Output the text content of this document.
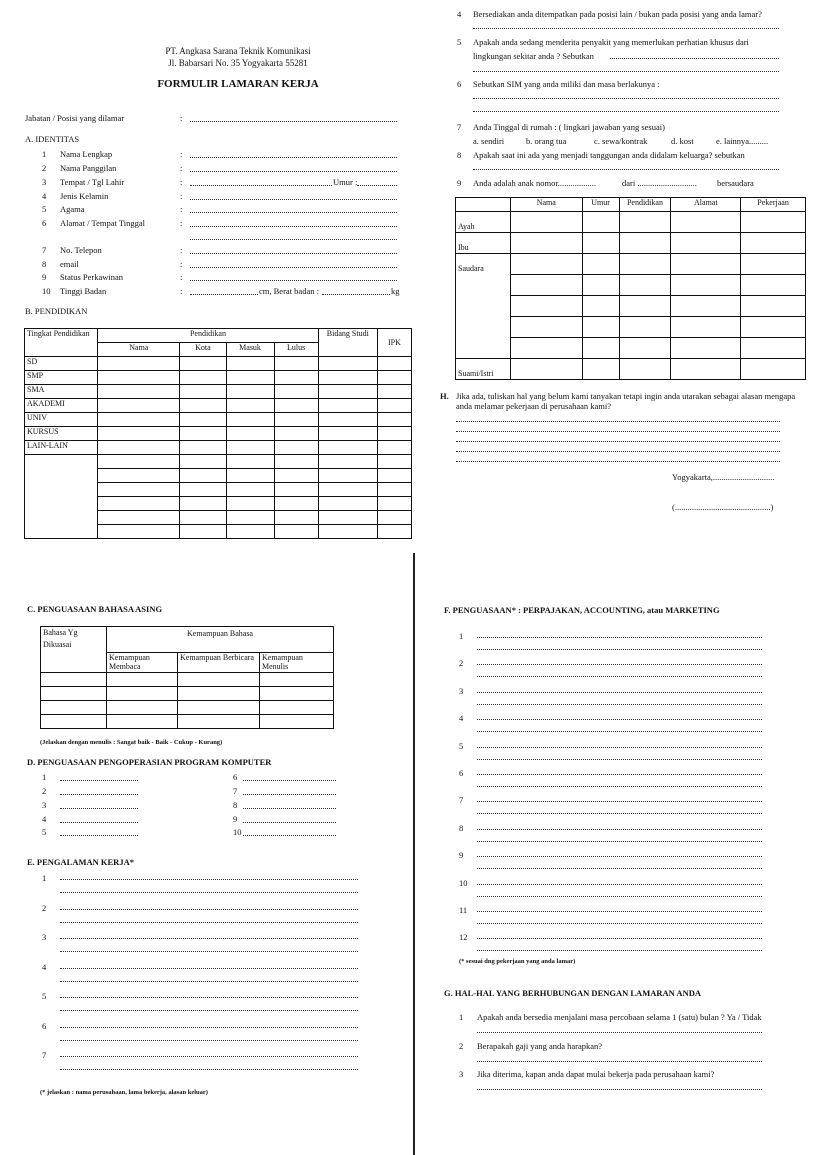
PT. Angkasa Sarana Teknik Komunikasi
Jl. Babarsari No. 35 Yogyakarta 55281
FORMULIR LAMARAN KERJA
Jabatan / Posisi yang dilamar	:
A. IDENTITAS
1 Nama Lengkap	:
2 Nama Panggilan	:
3 Tempat / Tgl Lahir	:	Umur :
4 Jenis Kelamin	:
5 Agama	:
6 Alamat / Tempat Tinggal	:
7 No. Telepon	:
8 email	:
9 Status Perkawinan	:
10 Tinggi Badan	:	cm, Berat badan :	kg
B. PENDIDIKAN
Tingkat Pendidikan	Pendidikan				Bidang Studi	IPK
	Nama	Kota	Masuk	Lulus		
SD						
SMP						
SMA						
AKADEMI						
UNIV						
KURSUS						
LAIN-LAIN						

4 Bersediakan anda ditempatkan pada posisi lain / bukan pada posisi yang anda lamar?
5 Apakah anda sedang menderita penyakit yang memerlukan perhatian khusus dari
lingkungan sekitar anda ? Sebutkan
6 Sebutkan SIM yang anda miliki dan masa berlakunya :
7 Anda Tinggal di rumah : ( lingkari jawaban yang sesuai)
a. sendiri	b. orang tua	c. sewa/kontrak	d. kost	e. lainnya.........
8 Apakah saat ini ada yang menjadi tanggungan anda didalam keluarga? sebutkan
9 Anda adalah anak nomor..................	dari ............................ bersaudara
	Nama	Umur	Pendidikan	Alamat	Pekerjaan
Ayah					
Ibu					
Saudara					

Suami/Istri					
H. Jika ada, tuliskan hal yang belum kami tanyakan tetapi ingin anda utarakan sebagai alasan mengapa anda melamar pekerjaan di perusahaan kami?
Yogyakarta,.............................
(.............................................)
C. PENGUASAAN BAHASA ASING
Bahasa Yg Dikuasai	Kemampuan Bahasa		
	Kemampuan Membaca	Kemampuan Berbicara	Kemampuan Menulis

(Jelaskan dengan menulis : Sangat baik - Baik - Cukup - Kurang)
D. PENGUASAAN PENGOPERASIAN PROGRAM KOMPUTER
1
2
3
4
5
6
7
8
9
10
E. PENGALAMAN KERJA*
1
2
3
4
5
6
7
(* jelaskan : nama perusahaan, lama bekerja, alasan keluar)
F. PENGUASAAN* : PERPAJAKAN, ACCOUNTING, atau MARKETING
1
2
3
4
5
6
7
8
9
10
11
12
(* sesuai dng pekerjaan yang anda lamar)
G. HAL-HAL YANG BERHUBUNGAN DENGAN LAMARAN ANDA
1 Apakah anda bersedia menjalani masa percobaan selama 1 (satu) bulan ? Ya / Tidak
2 Berapakah gaji yang anda harapkan?
3 Jika diterima, kapan anda dapat mulai bekerja pada perusahaan kami?
